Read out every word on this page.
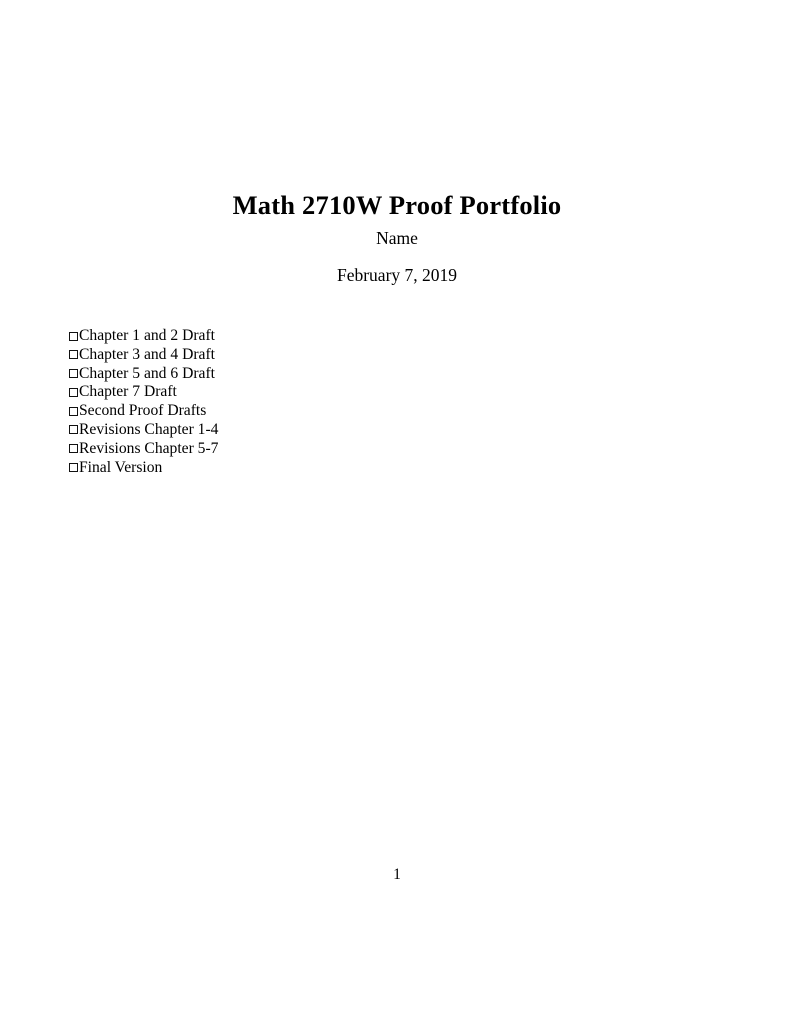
Math 2710W Proof Portfolio
Name
February 7, 2019
Chapter 1 and 2 Draft
Chapter 3 and 4 Draft
Chapter 5 and 6 Draft
Chapter 7 Draft
Second Proof Drafts
Revisions Chapter 1-4
Revisions Chapter 5-7
Final Version
1
